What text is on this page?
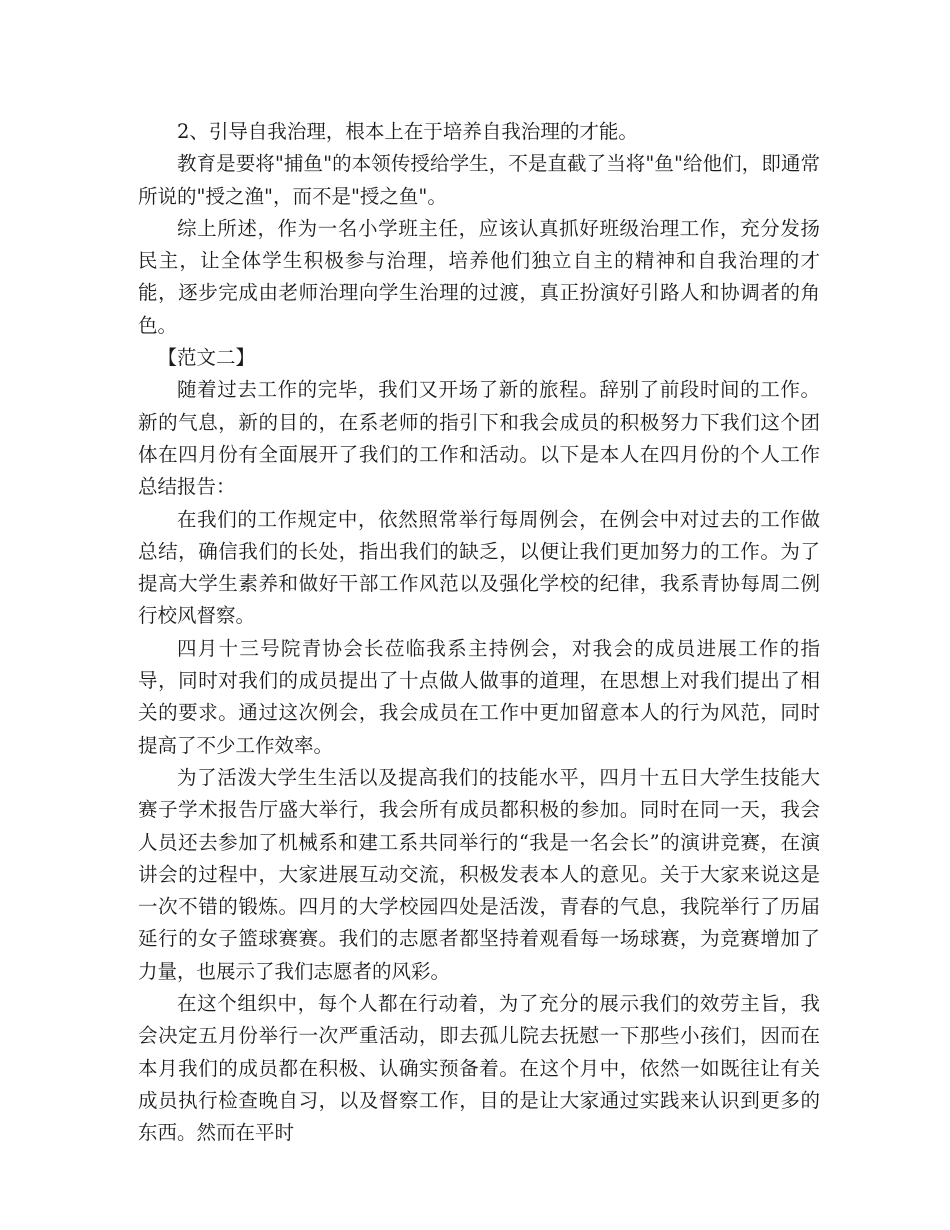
2、引导自我治理，根本上在于培养自我治理的才能。

教育是要将"捕鱼"的本领传授给学生，不是直截了当将"鱼"给他们，即通常所说的"授之渔"，而不是"授之鱼"。

综上所述，作为一名小学班主任，应该认真抓好班级治理工作，充分发扬民主，让全体学生积极参与治理，培养他们独立自主的精神和自我治理的才能，逐步完成由老师治理向学生治理的过渡，真正扮演好引路人和协调者的角色。

【范文二】

随着过去工作的完毕，我们又开场了新的旅程。辞别了前段时间的工作。新的气息，新的目的，在系老师的指引下和我会成员的积极努力下我们这个团体在四月份有全面展开了我们的工作和活动。以下是本人在四月份的个人工作总结报告：

在我们的工作规定中，依然照常举行每周例会，在例会中对过去的工作做总结，确信我们的长处，指出我们的缺乏，以便让我们更加努力的工作。为了提高大学生素养和做好干部工作风范以及强化学校的纪律，我系青协每周二例行校风督察。

四月十三号院青协会长莅临我系主持例会，对我会的成员进展工作的指导，同时对我们的成员提出了十点做人做事的道理，在思想上对我们提出了相关的要求。通过这次例会，我会成员在工作中更加留意本人的行为风范，同时提高了不少工作效率。

为了活泼大学生生活以及提高我们的技能水平，四月十五日大学生技能大赛子学术报告厅盛大举行，我会所有成员都积极的参加。同时在同一天，我会人员还去参加了机械系和建工系共同举行的“我是一名会长”的演讲竞赛，在演讲会的过程中，大家进展互动交流，积极发表本人的意见。关于大家来说这是一次不错的锻炼。四月的大学校园四处是活泼，青春的气息，我院举行了历届延行的女子篮球赛赛。我们的志愿者都坚持着观看每一场球赛，为竞赛增加了力量，也展示了我们志愿者的风彩。

在这个组织中，每个人都在行动着，为了充分的展示我们的效劳主旨，我会决定五月份举行一次严重活动，即去孤儿院去抚慰一下那些小孩们，因而在本月我们的成员都在积极、认确实预备着。在这个月中，依然一如既往让有关成员执行检查晚自习，以及督察工作，目的是让大家通过实践来认识到更多的东西。然而在平时
